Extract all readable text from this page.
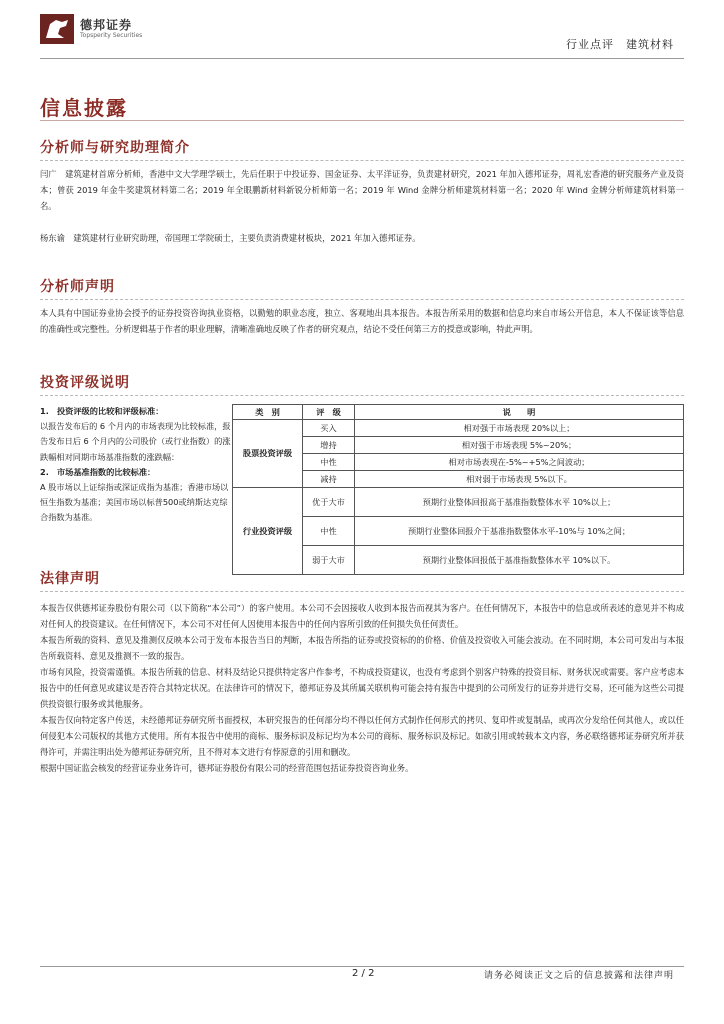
德邦证券
Topsperity Securities
行业点评　建筑材料
信息披露
分析师与研究助理简介
闫广　建筑建材首席分析师，香港中文大学理学硕士，先后任职于中投证券、国金证券、太平洋证券，负责建材研究，2021 年加入德邦证券，周礼宏香港的研究服务产业及资本；曾获 2019 年金牛奖建筑材料第二名；2019 年全眼鹏新材料新锐分析师第一名；2019 年 Wind 金牌分析师建筑材料第一名；2020 年 Wind 金牌分析师建筑材料第一名。
杨东谕　建筑建材行业研究助理，帝国理工学院硕士，主要负责消费建材板块，2021 年加入德邦证券。
分析师声明
本人具有中国证券业协会授予的证券投资咨询执业资格，以勤勉的职业态度，独立、客观地出具本报告。本报告所采用的数据和信息均来自市场公开信息，本人不保证该等信息的准确性或完整性。分析逻辑基于作者的职业理解，清晰准确地反映了作者的研究观点，结论不受任何第三方的授意或影响，特此声明。
投资评级说明
1.　投资评级的比较和评级标准：
以报告发布后的 6 个月内的市场表现为比较标准，报告发布日后 6 个月内的公司股价（或行业指数）的涨跌幅相对同期市场基准指数的涨跌幅：
2.　市场基准指数的比较标准：
A 股市场以上证综指或深证成指为基准；香港市场以恒生指数为基准；美国市场以标普500或纳斯达克综合指数为基准。
类　别	评　级	说　　明
股票投资评级	买入	相对强于市场表现 20%以上；
	增持	相对强于市场表现 5%~20%；
	中性	相对市场表现在-5%~+5%之间波动；
	减持	相对弱于市场表现 5%以下。
行业投资评级	优于大市	预期行业整体回报高于基准指数整体水平 10%以上；
	中性	预期行业整体回报介于基准指数整体水平-10%与 10%之间；
	弱于大市	预期行业整体回报低于基准指数整体水平 10%以下。
法律声明

本报告仅供德邦证券股份有限公司（以下简称“本公司”）的客户使用。本公司不会因接收人收到本报告而视其为客户。在任何情况下，本报告中的信息或所表述的意见并不构成对任何人的投资建议。在任何情况下，本公司不对任何人因使用本报告中的任何内容所引致的任何损失负任何责任。

本报告所载的资料、意见及推测仅反映本公司于发布本报告当日的判断，本报告所指的证券或投资标的的价格、价值及投资收入可能会波动。在不同时期，本公司可发出与本报告所载资料、意见及推测不一致的报告。

市场有风险，投资需谨慎。本报告所载的信息、材料及结论只提供特定客户作参考，不构成投资建议，也没有考虑到个别客户特殊的投资目标、财务状况或需要。客户应考虑本报告中的任何意见或建议是否符合其特定状况。在法律许可的情况下，德邦证券及其所属关联机构可能会持有报告中提到的公司所发行的证券并进行交易，还可能为这些公司提供投资银行服务或其他服务。

本报告仅向特定客户传送，未经德邦证券研究所书面授权，本研究报告的任何部分均不得以任何方式制作任何形式的拷贝、复印件或复制品，或再次分发给任何其他人，或以任何侵犯本公司版权的其他方式使用。所有本报告中使用的商标、服务标识及标记均为本公司的商标、服务标识及标记。如欲引用或转载本文内容，务必联络德邦证券研究所并获得许可，并需注明出处为德邦证券研究所，且不得对本文进行有悖原意的引用和删改。

根据中国证监会核发的经营证券业务许可，德邦证券股份有限公司的经营范围包括证券投资咨询业务。

2 / 2	请务必阅读正文之后的信息披露和法律声明
